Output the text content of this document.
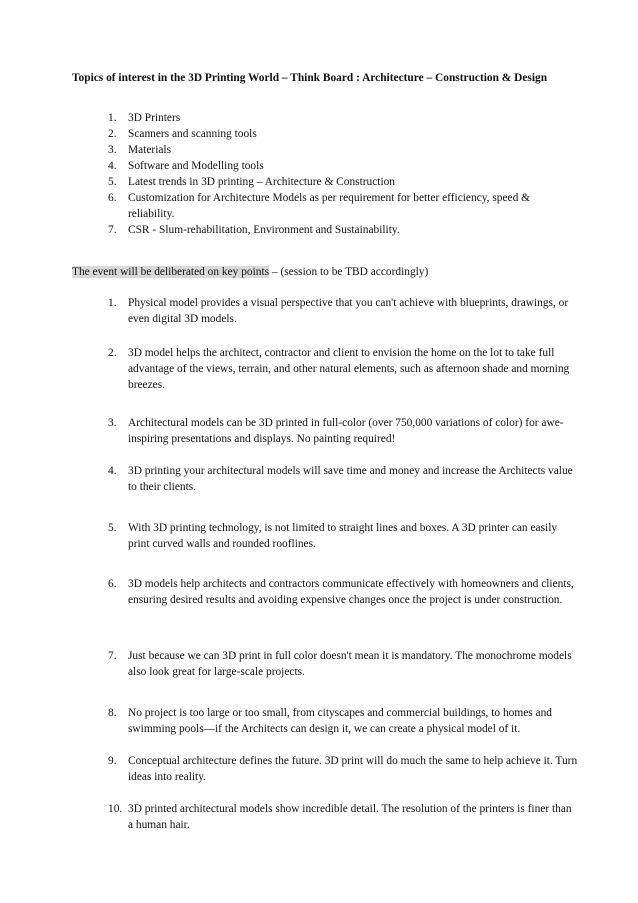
Topics of interest in the 3D Printing World – Think Board : Architecture – Construction & Design
1. 3D Printers
2. Scanners and scanning tools
3. Materials
4. Software and Modelling tools
5. Latest trends in 3D printing – Architecture & Construction
6. Customization for Architecture Models as per requirement for better efficiency, speed & reliability.
7. CSR - Slum-rehabilitation, Environment and Sustainability.
The event will be deliberated on key points – (session to be TBD accordingly)
1. Physical model provides a visual perspective that you can't achieve with blueprints, drawings, or even digital 3D models.
2. 3D model helps the architect, contractor and client to envision the home on the lot to take full advantage of the views, terrain, and other natural elements, such as afternoon shade and morning breezes.
3. Architectural models can be 3D printed in full-color (over 750,000 variations of color) for awe-inspiring presentations and displays. No painting required!
4. 3D printing your architectural models will save time and money and increase the Architects value to their clients.
5. With 3D printing technology, is not limited to straight lines and boxes. A 3D printer can easily print curved walls and rounded rooflines.
6. 3D models help architects and contractors communicate effectively with homeowners and clients, ensuring desired results and avoiding expensive changes once the project is under construction.
7. Just because we can 3D print in full color doesn't mean it is mandatory. The monochrome models also look great for large-scale projects.
8. No project is too large or too small, from cityscapes and commercial buildings, to homes and swimming pools—if the Architects can design it, we can create a physical model of it.
9. Conceptual architecture defines the future. 3D print will do much the same to help achieve it. Turn ideas into reality.
10. 3D printed architectural models show incredible detail. The resolution of the printers is finer than a human hair.
